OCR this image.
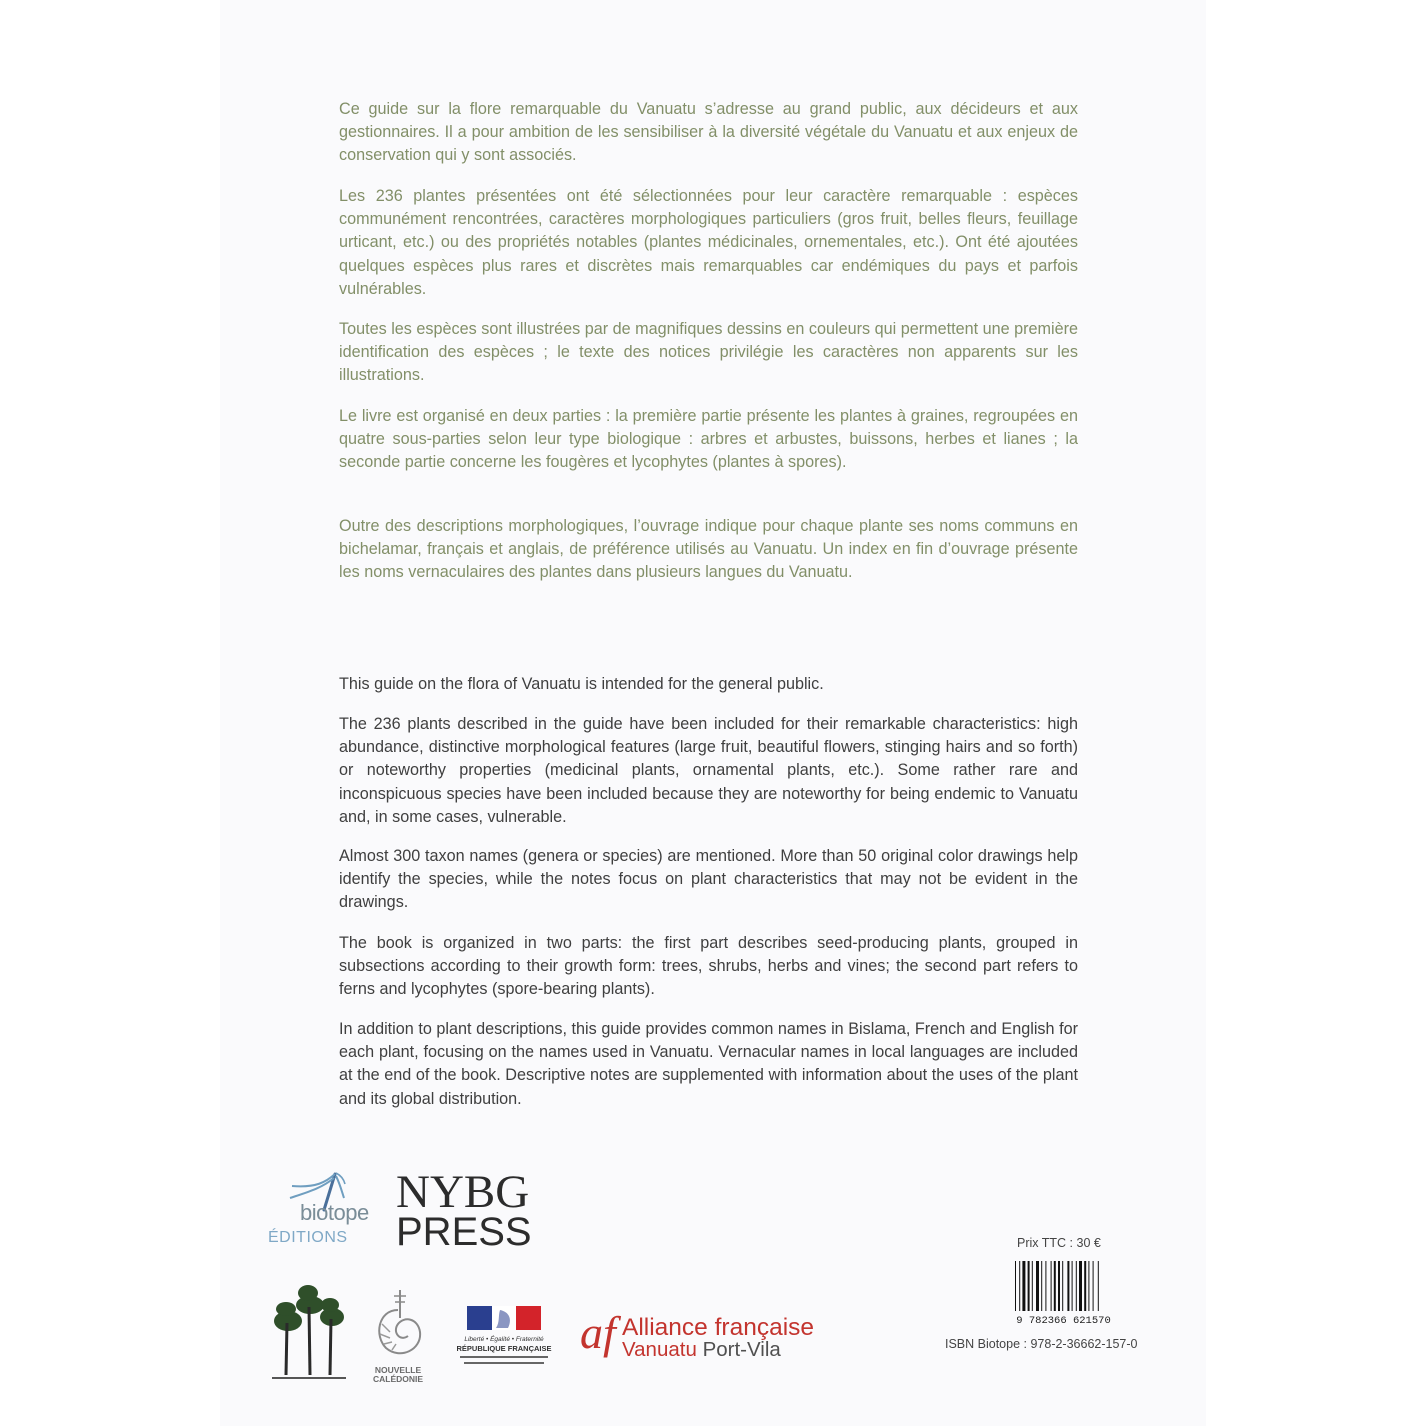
Ce guide sur la flore remarquable du Vanuatu s’adresse au grand public, aux décideurs et aux gestionnaires. Il a pour ambition de les sensibiliser à la diversité végétale du Vanuatu et aux enjeux de conservation qui y sont associés.

Les 236 plantes présentées ont été sélectionnées pour leur caractère remarquable : espèces communément rencontrées, caractères morphologiques particuliers (gros fruit, belles fleurs, feuillage urticant, etc.) ou des propriétés notables (plantes médicinales, ornementales, etc.). Ont été ajoutées quelques espèces plus rares et discrètes mais remarquables car endémiques du pays et parfois vulnérables.

Toutes les espèces sont illustrées par de magnifiques dessins en couleurs qui permettent une première identification des espèces ; le texte des notices privilégie les caractères non apparents sur les illustrations.

Le livre est organisé en deux parties : la première partie présente les plantes à graines, regroupées en quatre sous-parties selon leur type biologique : arbres et arbustes, buissons, herbes et lianes ; la seconde partie concerne les fougères et lycophytes (plantes à spores).

Outre des descriptions morphologiques, l’ouvrage indique pour chaque plante ses noms communs en bichelamar, français et anglais, de préférence utilisés au Vanuatu. Un index en fin d’ouvrage présente les noms vernaculaires des plantes dans plusieurs langues du Vanuatu.

This guide on the flora of Vanuatu is intended for the general public.

The 236 plants described in the guide have been included for their remarkable characteristics: high abundance, distinctive morphological features (large fruit, beautiful flowers, stinging hairs and so forth) or noteworthy properties (medicinal plants, ornamental plants, etc.). Some rather rare and inconspicuous species have been included because they are noteworthy for being endemic to Vanuatu and, in some cases, vulnerable.

Almost 300 taxon names (genera or species) are mentioned. More than 50 original color drawings help identify the species, while the notes focus on plant characteristics that may not be evident in the drawings.

The book is organized in two parts: the first part describes seed-producing plants, grouped in subsections according to their growth form: trees, shrubs, herbs and vines; the second part refers to ferns and lycophytes (spore-bearing plants).

In addition to plant descriptions, this guide provides common names in Bislama, French and English for each plant, focusing on the names used in Vanuatu. Vernacular names in local languages are included at the end of the book. Descriptive notes are supplemented with information about the uses of the plant and its global distribution.

biotope
ÉDITIONS
NYBG
PRESS
NOUVELLE
CALÉDONIE
Liberté • Égalité • Fraternité
RÉPUBLIQUE FRANÇAISE af Alliance française
Vanuatu Port-Vila
Prix TTC : 30 €
9 782366 621570
ISBN Biotope : 978-2-36662-157-0
